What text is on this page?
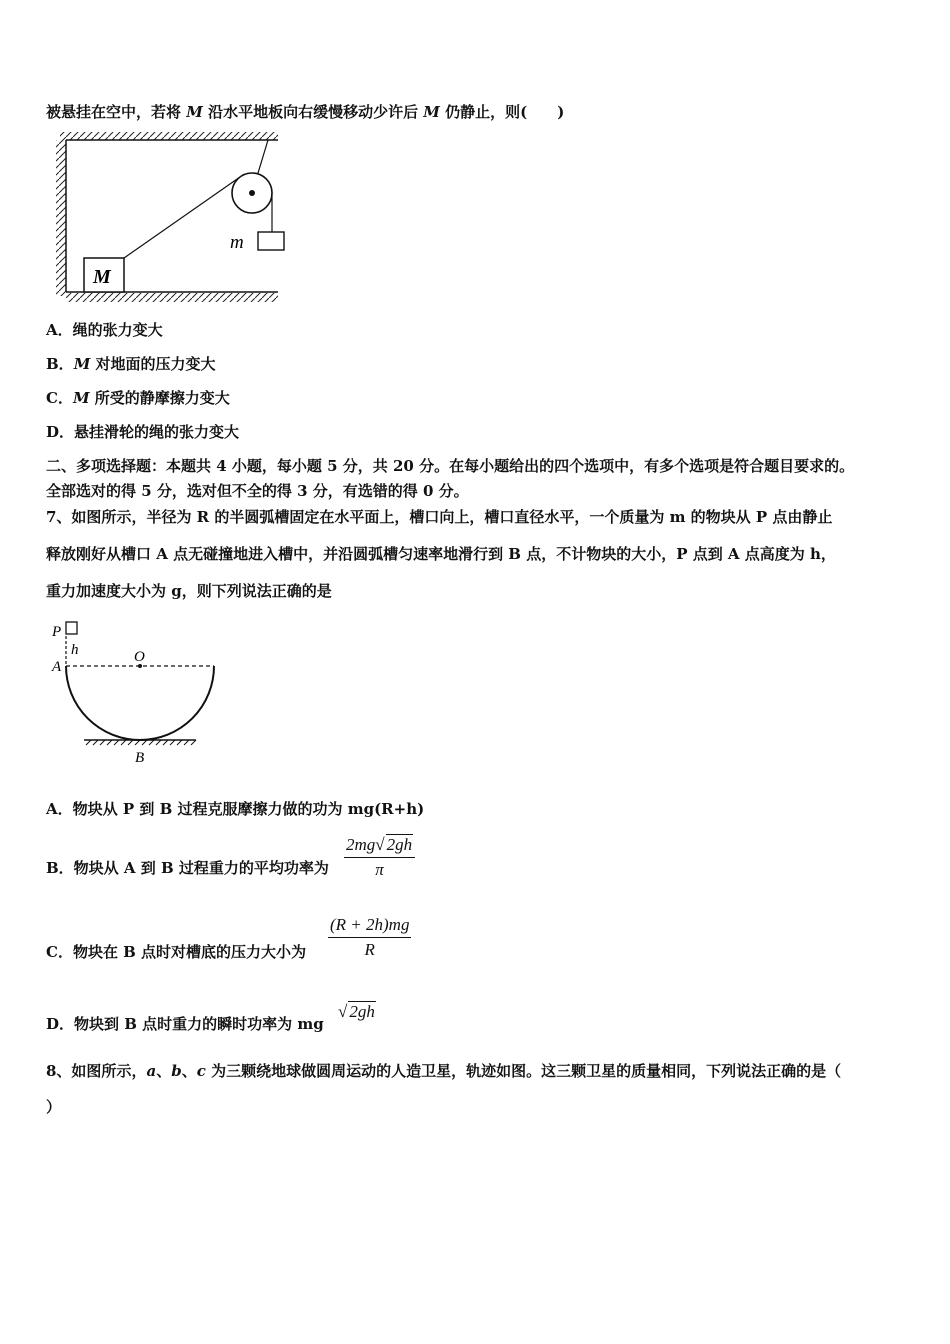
被悬挂在空中，若将 M 沿水平地板向右缓慢移动少许后 M 仍静止，则(　　)
m
M
A．绳的张力变大
B．M 对地面的压力变大
C．M 所受的静摩擦力变大
D．悬挂滑轮的绳的张力变大
二、多项选择题：本题共 4 小题，每小题 5 分，共 20 分。在每小题给出的四个选项中，有多个选项是符合题目要求的。
全部选对的得 5 分，选对但不全的得 3 分，有选错的得 0 分。
7、如图所示，半径为 R 的半圆弧槽固定在水平面上，槽口向上，槽口直径水平，一个质量为 m 的物块从 P 点由静止
释放刚好从槽口 A 点无碰撞地进入槽中，并沿圆弧槽匀速率地滑行到 B 点，不计物块的大小，P 点到 A 点高度为 h，
重力加速度大小为 g，则下列说法正确的是
P
h
A
O
B
A．物块从 P 到 B 过程克服摩擦力做的功为 mg(R+h)
B．物块从 A 到 B 过程重力的平均功率为 $\frac{2mg√ 2gh}{\pi}$
C．物块在 B 点时对槽底的压力大小为 $\frac{(R + 2h)mg}{R}$
D．物块到 B 点时重力的瞬时功率为 mg
√ 2gh
8、如图所示，a、b、c 为三颗绕地球做圆周运动的人造卫星，轨迹如图。这三颗卫星的质量相同，下列说法正确的是（
）
